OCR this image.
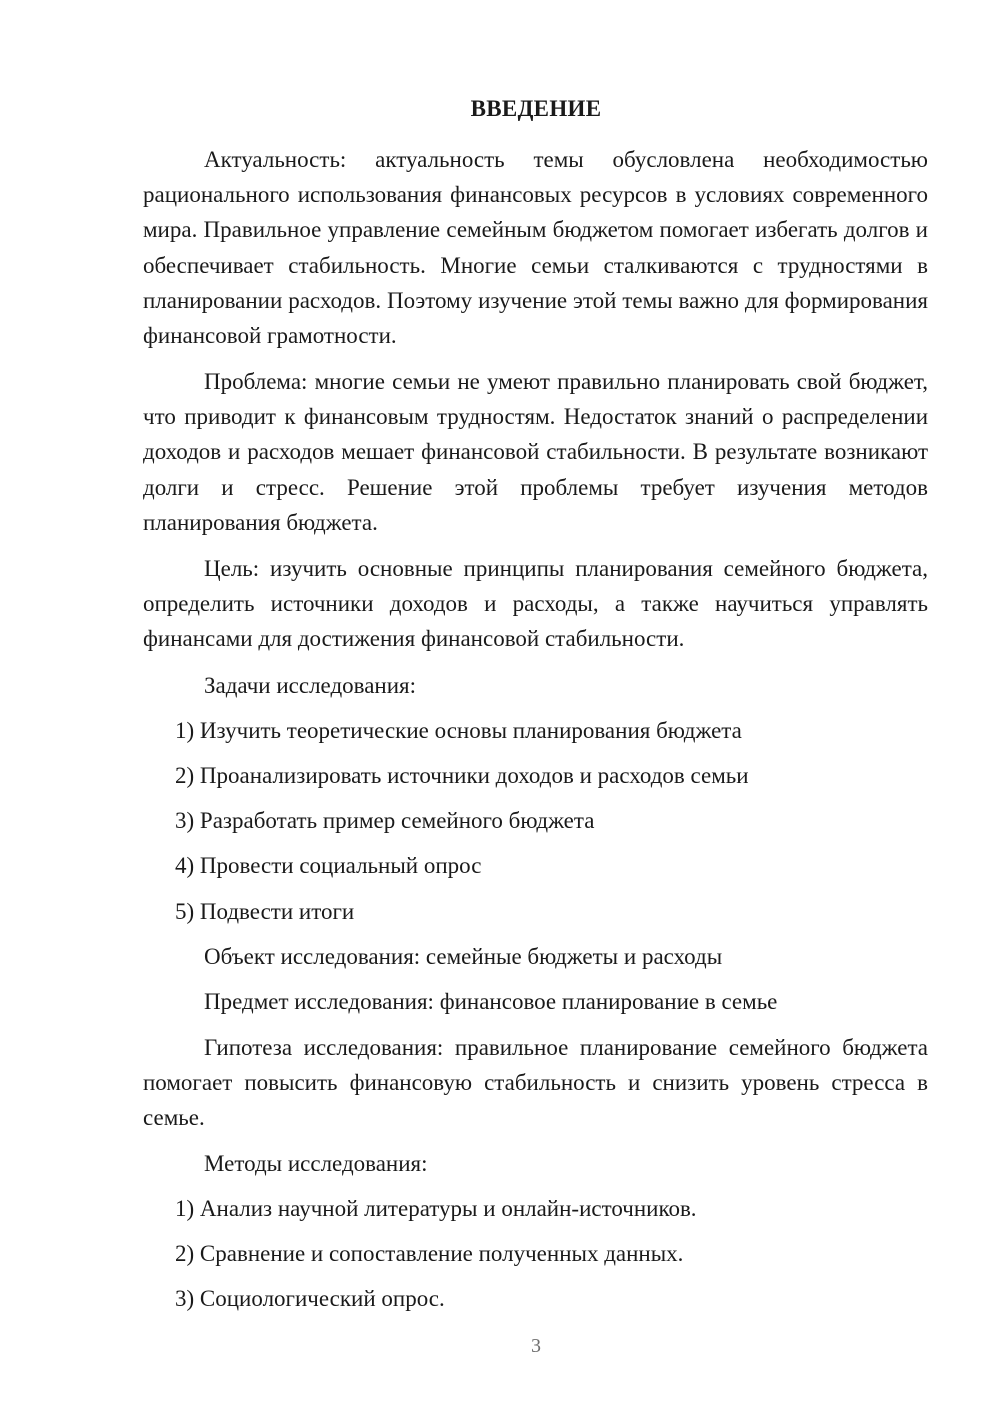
ВВЕДЕНИЕ
Актуальность: актуальность темы обусловлена необходимостью рационального использования финансовых ресурсов в условиях современного мира. Правильное управление семейным бюджетом помогает избегать долгов и обеспечивает стабильность. Многие семьи сталкиваются с трудностями в планировании расходов. Поэтому изучение этой темы важно для формирования финансовой грамотности.
Проблема: многие семьи не умеют правильно планировать свой бюджет, что приводит к финансовым трудностям. Недостаток знаний о распределении доходов и расходов мешает финансовой стабильности. В результате возникают долги и стресс. Решение этой проблемы требует изучения методов планирования бюджета.
Цель: изучить основные принципы планирования семейного бюджета, определить источники доходов и расходы, а также научиться управлять финансами для достижения финансовой стабильности.
Задачи исследования:
1) Изучить теоретические основы планирования бюджета
2) Проанализировать источники доходов и расходов семьи
3) Разработать пример семейного бюджета
4) Провести социальный опрос
5) Подвести итоги
Объект исследования: семейные бюджеты и расходы
Предмет исследования: финансовое планирование в семье
Гипотеза исследования: правильное планирование семейного бюджета помогает повысить финансовую стабильность и снизить уровень стресса в семье.
Методы исследования:
1) Анализ научной литературы и онлайн-источников.
2) Сравнение и сопоставление полученных данных.
3) Социологический опрос.
3
